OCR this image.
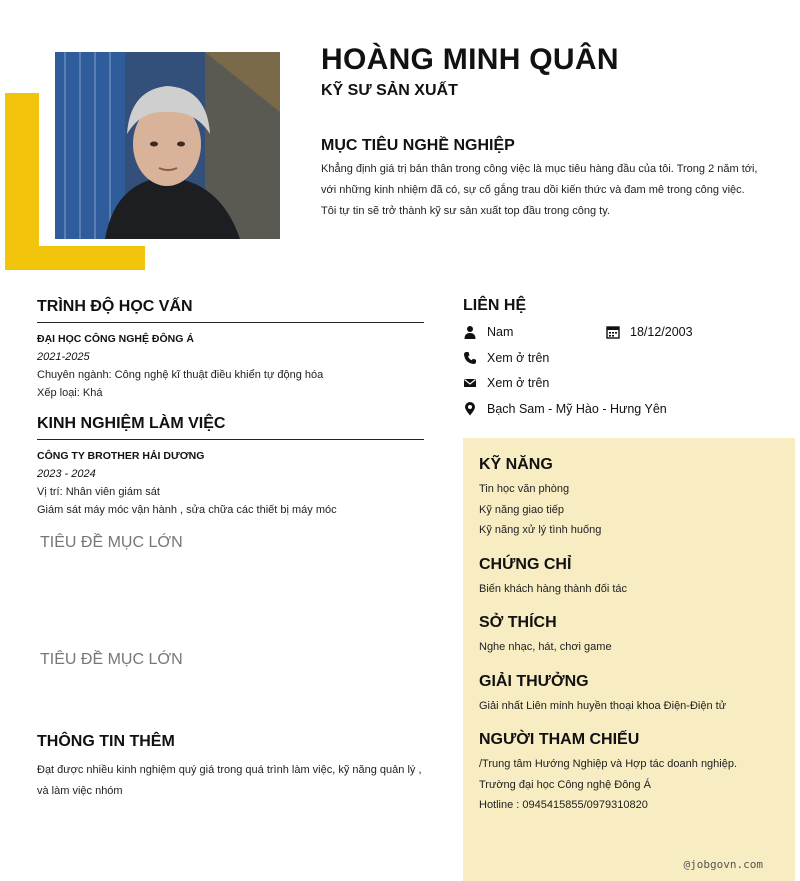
HOÀNG MINH QUÂN
KỸ SƯ SẢN XUẤT
MỤC TIÊU NGHỀ NGHIỆP

Khẳng định giá trị bản thân trong công việc là mục tiêu hàng đầu của tôi. Trong 2 năm tới,
với những kinh nhiệm đã có, sự cố gắng trau dồi kiến thức và đam mê trong công việc.
Tôi tự tin sẽ trở thành kỹ sư sản xuất top đầu trong công ty.

TRÌNH ĐỘ HỌC VẤN
ĐẠI HỌC CÔNG NGHỆ ĐÔNG Á
2021-2025
Chuyên ngành: Công nghệ kĩ thuật điều khiển tự động hóa
Xếp loại: Khá
KINH NGHIỆM LÀM VIỆC
CÔNG TY BROTHER HẢI DƯƠNG
2023 - 2024
Vị trí: Nhân viên giám sát
Giám sát máy móc vận hành , sửa chữa các thiết bị máy móc
TIÊU ĐỀ MỤC LỚN
TIÊU ĐỀ MỤC LỚN
THÔNG TIN THÊM
Đạt được nhiều kinh nghiệm quý giá trong quá trình làm việc, kỹ năng quản lý ,
và làm việc nhóm
LIÊN HỆ
Nam	18/12/2003
Xem ở trên
Xem ở trên
Bạch Sam - Mỹ Hào - Hưng Yên
KỸ NĂNG
Tin học văn phòng
Kỹ năng giao tiếp
Kỹ năng xử lý tình huống
CHỨNG CHỈ
Biến khách hàng thành đối tác
SỞ THÍCH
Nghe nhạc, hát, chơi game
GIẢI THƯỞNG
Giải nhất Liên minh huyền thoại khoa Điện-Điện tử
NGƯỜI THAM CHIẾU
/Trung tâm Hướng Nghiệp và Hợp tác doanh nghiệp.
Trường đại học Công nghệ Đông Á
Hotline : 0945415855/0979310820
@jobgovn.com
